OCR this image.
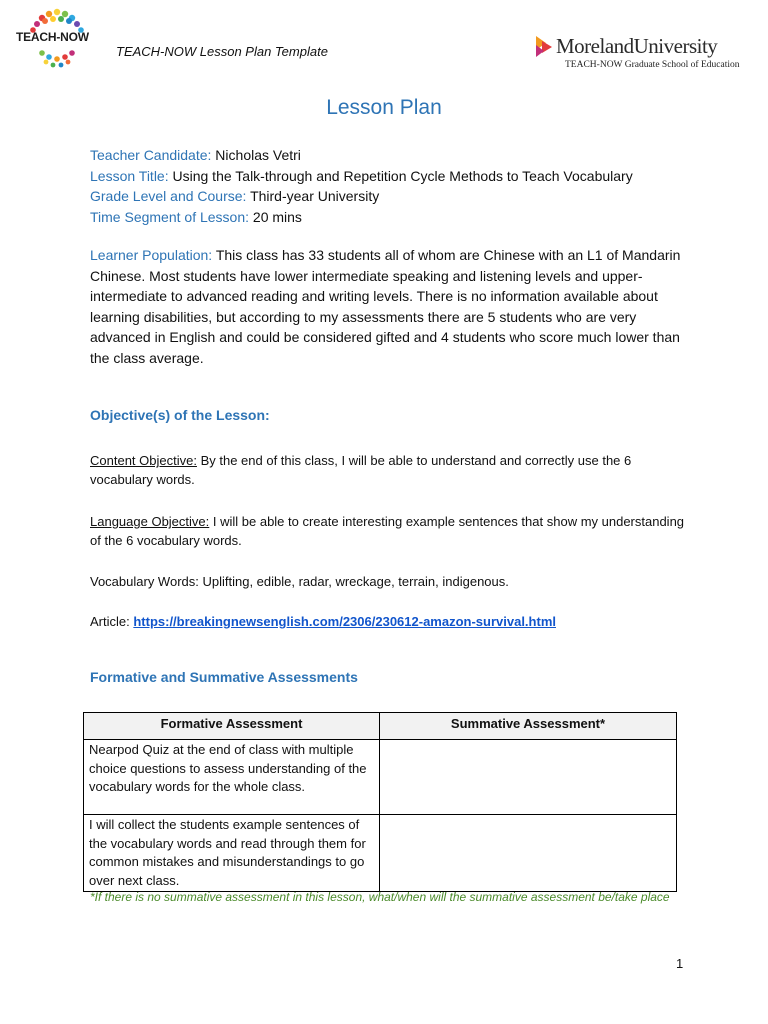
TEACH-NOW
TEACH-NOW Lesson Plan Template	MorelandUniversity
TEACH-NOW Graduate School of Education
Lesson Plan
Teacher Candidate: Nicholas Vetri
Lesson Title: Using the Talk-through and Repetition Cycle Methods to Teach Vocabulary
Grade Level and Course: Third-year University
Time Segment of Lesson: 20 mins
Learner Population: This class has 33 students all of whom are Chinese with an L1 of Mandarin Chinese. Most students have lower intermediate speaking and listening levels and upper-intermediate to advanced reading and writing levels. There is no information available about learning disabilities, but according to my assessments there are 5 students who are very advanced in English and could be considered gifted and 4 students who score much lower than the class average.
Objective(s) of the Lesson:
Content Objective: By the end of this class, I will be able to understand and correctly use the 6 vocabulary words.
Language Objective: I will be able to create interesting example sentences that show my understanding of the 6 vocabulary words.
Vocabulary Words: Uplifting, edible, radar, wreckage, terrain, indigenous.
Article: https://breakingnewsenglish.com/2306/230612-amazon-survival.html
Formative and Summative Assessments
Formative Assessment	Summative Assessment*
Nearpod Quiz at the end of class with multiple choice questions to assess understanding of the vocabulary words for the whole class.	
I will collect the students example sentences of the vocabulary words and read through them for common mistakes and misunderstandings to go over next class.	
*If there is no summative assessment in this lesson, what/when will the summative assessment be/take place
1
